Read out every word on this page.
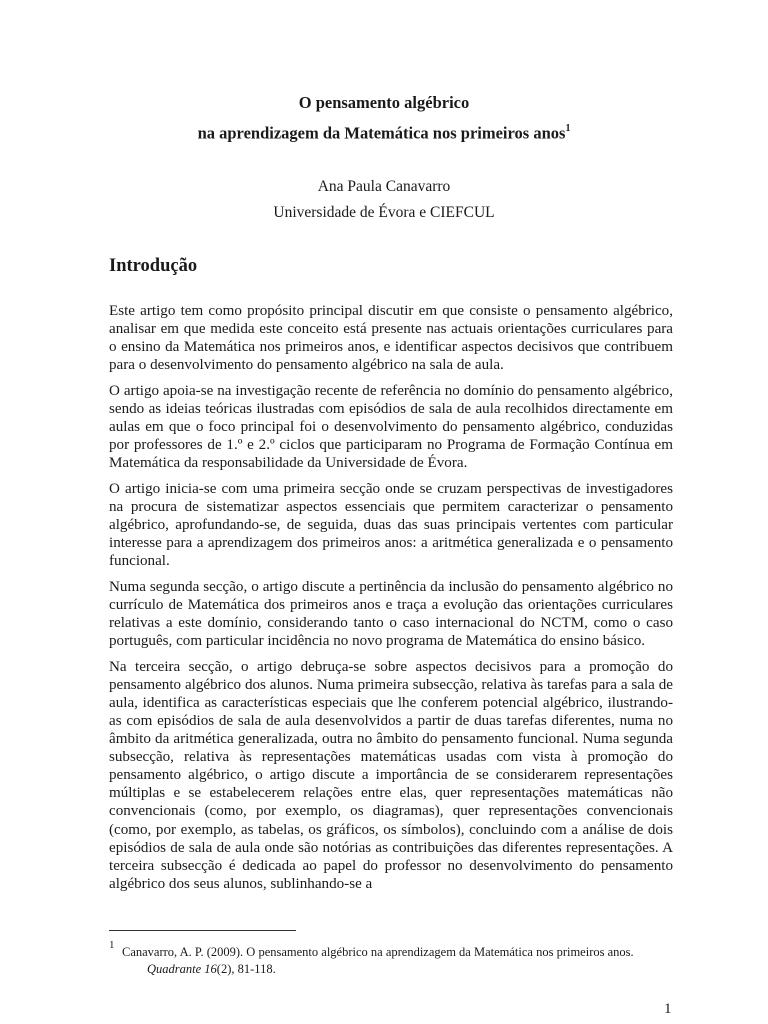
O pensamento algébrico
na aprendizagem da Matemática nos primeiros anos$^1$
Ana Paula Canavarro
Universidade de Évora e CIEFCUL
Introdução

Este artigo tem como propósito principal discutir em que consiste o pensamento algébrico, analisar em que medida este conceito está presente nas actuais orientações curriculares para o ensino da Matemática nos primeiros anos, e identificar aspectos decisivos que contribuem para o desenvolvimento do pensamento algébrico na sala de aula.

O artigo apoia-se na investigação recente de referência no domínio do pensamento algébrico, sendo as ideias teóricas ilustradas com episódios de sala de aula recolhidos directamente em aulas em que o foco principal foi o desenvolvimento do pensamento algébrico, conduzidas por professores de 1.º e 2.º ciclos que participaram no Programa de Formação Contínua em Matemática da responsabilidade da Universidade de Évora.

O artigo inicia-se com uma primeira secção onde se cruzam perspectivas de investigadores na procura de sistematizar aspectos essenciais que permitem caracterizar o pensamento algébrico, aprofundando-se, de seguida, duas das suas principais vertentes com particular interesse para a aprendizagem dos primeiros anos: a aritmética generalizada e o pensamento funcional.

Numa segunda secção, o artigo discute a pertinência da inclusão do pensamento algébrico no currículo de Matemática dos primeiros anos e traça a evolução das orientações curriculares relativas a este domínio, considerando tanto o caso internacional do NCTM, como o caso português, com particular incidência no novo programa de Matemática do ensino básico.

Na terceira secção, o artigo debruça-se sobre aspectos decisivos para a promoção do pensamento algébrico dos alunos. Numa primeira subsecção, relativa às tarefas para a sala de aula, identifica as características especiais que lhe conferem potencial algébrico, ilustrando-as com episódios de sala de aula desenvolvidos a partir de duas tarefas diferentes, numa no âmbito da aritmética generalizada, outra no âmbito do pensamento funcional. Numa segunda subsecção, relativa às representações matemáticas usadas com vista à promoção do pensamento algébrico, o artigo discute a importância de se considerarem representações múltiplas e se estabelecerem relações entre elas, quer representações matemáticas não convencionais (como, por exemplo, os diagramas), quer representações convencionais (como, por exemplo, as tabelas, os gráficos, os símbolos), concluindo com a análise de dois episódios de sala de aula onde são notórias as contribuições das diferentes representações. A terceira subsecção é dedicada ao papel do professor no desenvolvimento do pensamento algébrico dos seus alunos, sublinhando-se a

1 Canavarro, A. P. (2009). O pensamento algébrico na aprendizagem da Matemática nos primeiros anos.
Quadrante 16(2), 81-118.
1
